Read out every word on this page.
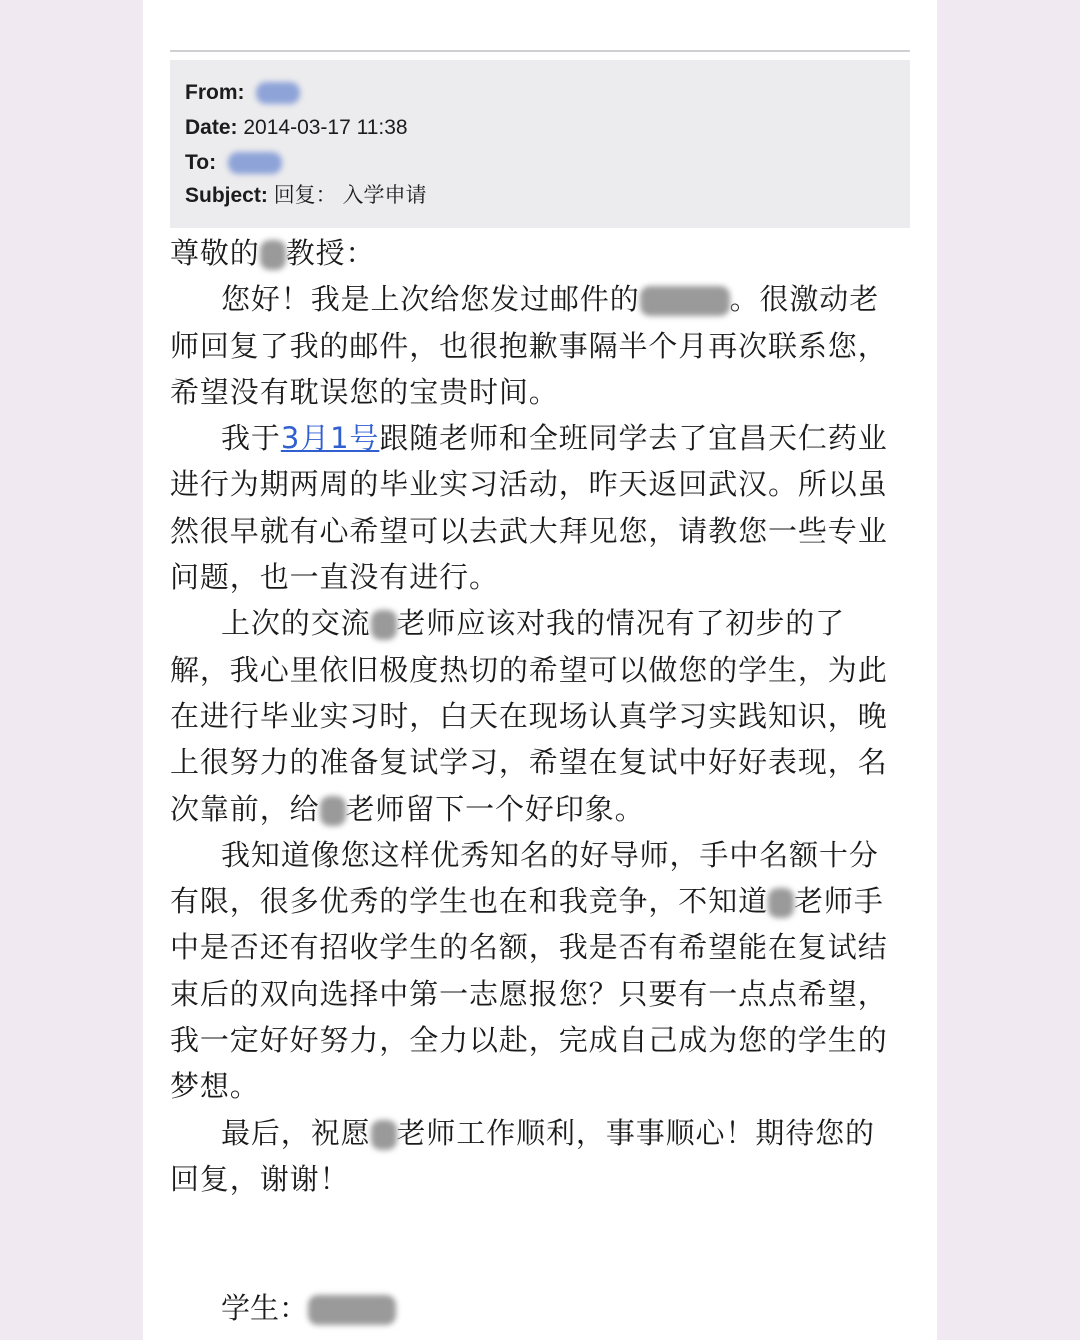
From:
Date: 2014-03-17 11:38
To:
Subject: 回复： 入学申请
尊敬的 教授：
您好！我是上次给您发过邮件的	。很激动老
师回复了我的邮件，也很抱歉事隔半个月再次联系您，
希望没有耽误您的宝贵时间。
我于3月1号跟随老师和全班同学去了宜昌天仁药业
进行为期两周的毕业实习活动，昨天返回武汉。所以虽
然很早就有心希望可以去武大拜见您，请教您一些专业
问题，也一直没有进行。
上次的交流 老师应该对我的情况有了初步的了
解，我心里依旧极度热切的希望可以做您的学生，为此
在进行毕业实习时，白天在现场认真学习实践知识，晚
上很努力的准备复试学习，希望在复试中好好表现，名
次靠前，给 老师留下一个好印象。
我知道像您这样优秀知名的好导师，手中名额十分
有限，很多优秀的学生也在和我竞争，不知道 老师手
中是否还有招收学生的名额，我是否有希望能在复试结
束后的双向选择中第一志愿报您？只要有一点点希望，
我一定好好努力，全力以赴，完成自己成为您的学生的
梦想。
最后，祝愿 老师工作顺利，事事顺心！期待您的
回复，谢谢！
学生：
